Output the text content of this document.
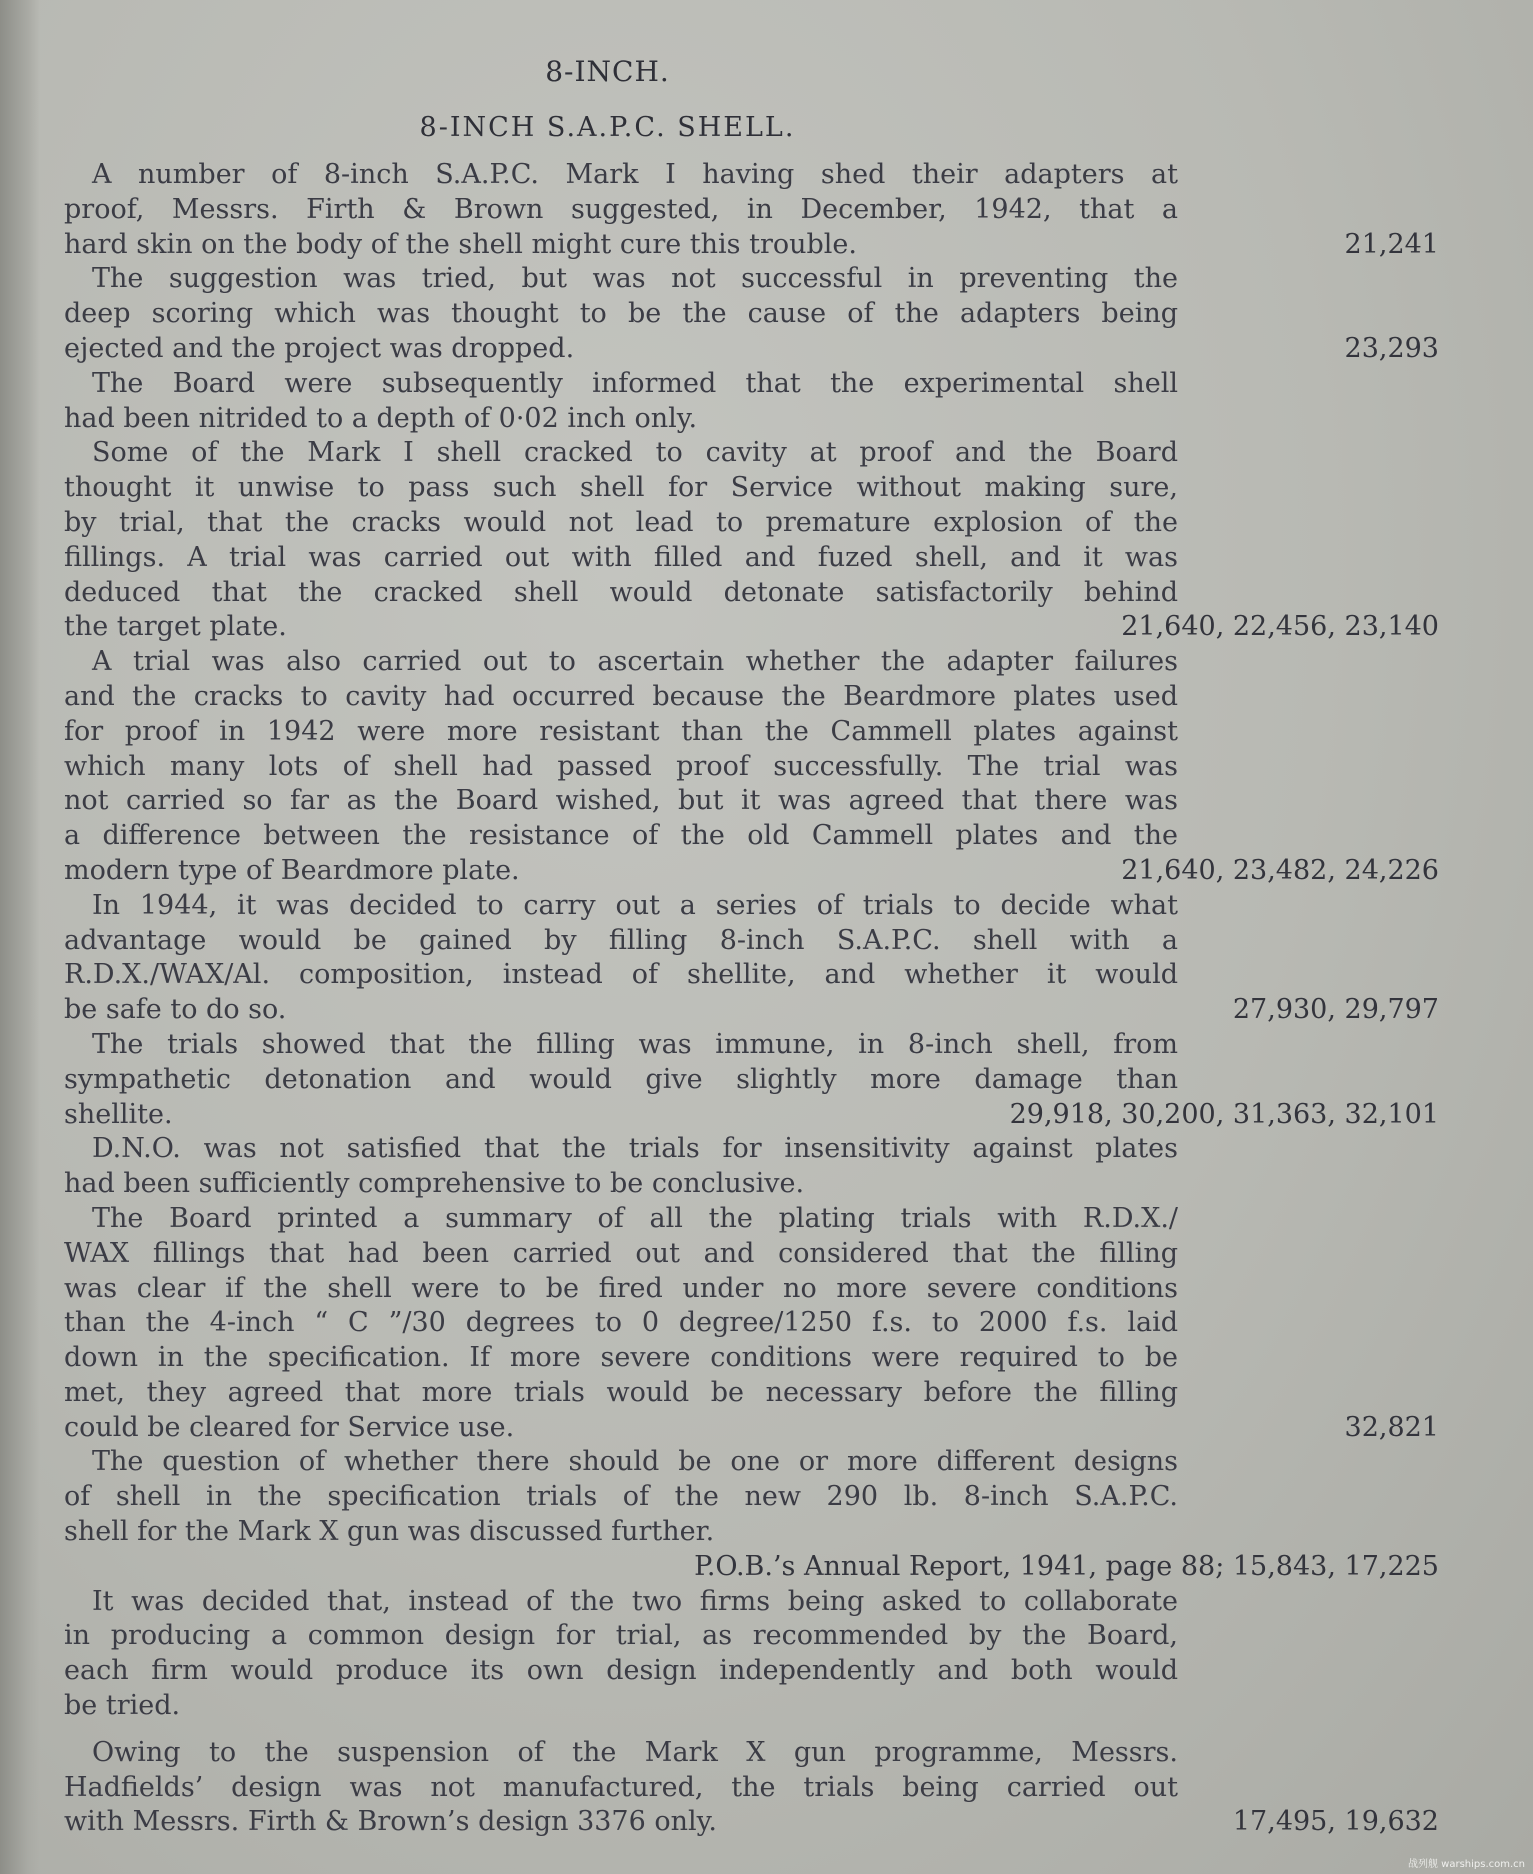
8-INCH.
8-INCH S.A.P.C. SHELL.
A number of 8-inch S.A.P.C. Mark I having shed their adapters at
proof, Messrs. Firth & Brown suggested, in December, 1942, that a
hard skin on the body of the shell might cure this trouble.	21,241
The suggestion was tried, but was not successful in preventing the
deep scoring which was thought to be the cause of the adapters being
ejected and the project was dropped.	23,293
The Board were subsequently informed that the experimental shell
had been nitrided to a depth of 0·02 inch only.
Some of the Mark I shell cracked to cavity at proof and the Board
thought it unwise to pass such shell for Service without making sure,
by trial, that the cracks would not lead to premature explosion of the
fillings. A trial was carried out with filled and fuzed shell, and it was
deduced that the cracked shell would detonate satisfactorily behind
the target plate.	21,640, 22,456, 23,140
A trial was also carried out to ascertain whether the adapter failures
and the cracks to cavity had occurred because the Beardmore plates used
for proof in 1942 were more resistant than the Cammell plates against
which many lots of shell had passed proof successfully. The trial was
not carried so far as the Board wished, but it was agreed that there was
a difference between the resistance of the old Cammell plates and the
modern type of Beardmore plate.	21,640, 23,482, 24,226
In 1944, it was decided to carry out a series of trials to decide what
advantage would be gained by filling 8-inch S.A.P.C. shell with a
R.D.X./WAX/Al. composition, instead of shellite, and whether it would
be safe to do so.	27,930, 29,797
The trials showed that the filling was immune, in 8-inch shell, from
sympathetic detonation and would give slightly more damage than
shellite.	29,918, 30,200, 31,363, 32,101
D.N.O. was not satisfied that the trials for insensitivity against plates
had been sufficiently comprehensive to be conclusive.
The Board printed a summary of all the plating trials with R.D.X./
WAX fillings that had been carried out and considered that the filling
was clear if the shell were to be fired under no more severe conditions
than the 4-inch “ C ”/30 degrees to 0 degree/1250 f.s. to 2000 f.s. laid
down in the specification. If more severe conditions were required to be
met, they agreed that more trials would be necessary before the filling
could be cleared for Service use.	32,821
The question of whether there should be one or more different designs
of shell in the specification trials of the new 290 lb. 8-inch S.A.P.C.
shell for the Mark X gun was discussed further.
P.O.B.’s Annual Report, 1941, page 88; 15,843, 17,225
It was decided that, instead of the two firms being asked to collaborate
in producing a common design for trial, as recommended by the Board,
each firm would produce its own design independently and both would
be tried.
Owing to the suspension of the Mark X gun programme, Messrs.
Hadfields’ design was not manufactured, the trials being carried out
with Messrs. Firth & Brown’s design 3376 only.	17,495, 19,632
战列舰 warships.com.cn
